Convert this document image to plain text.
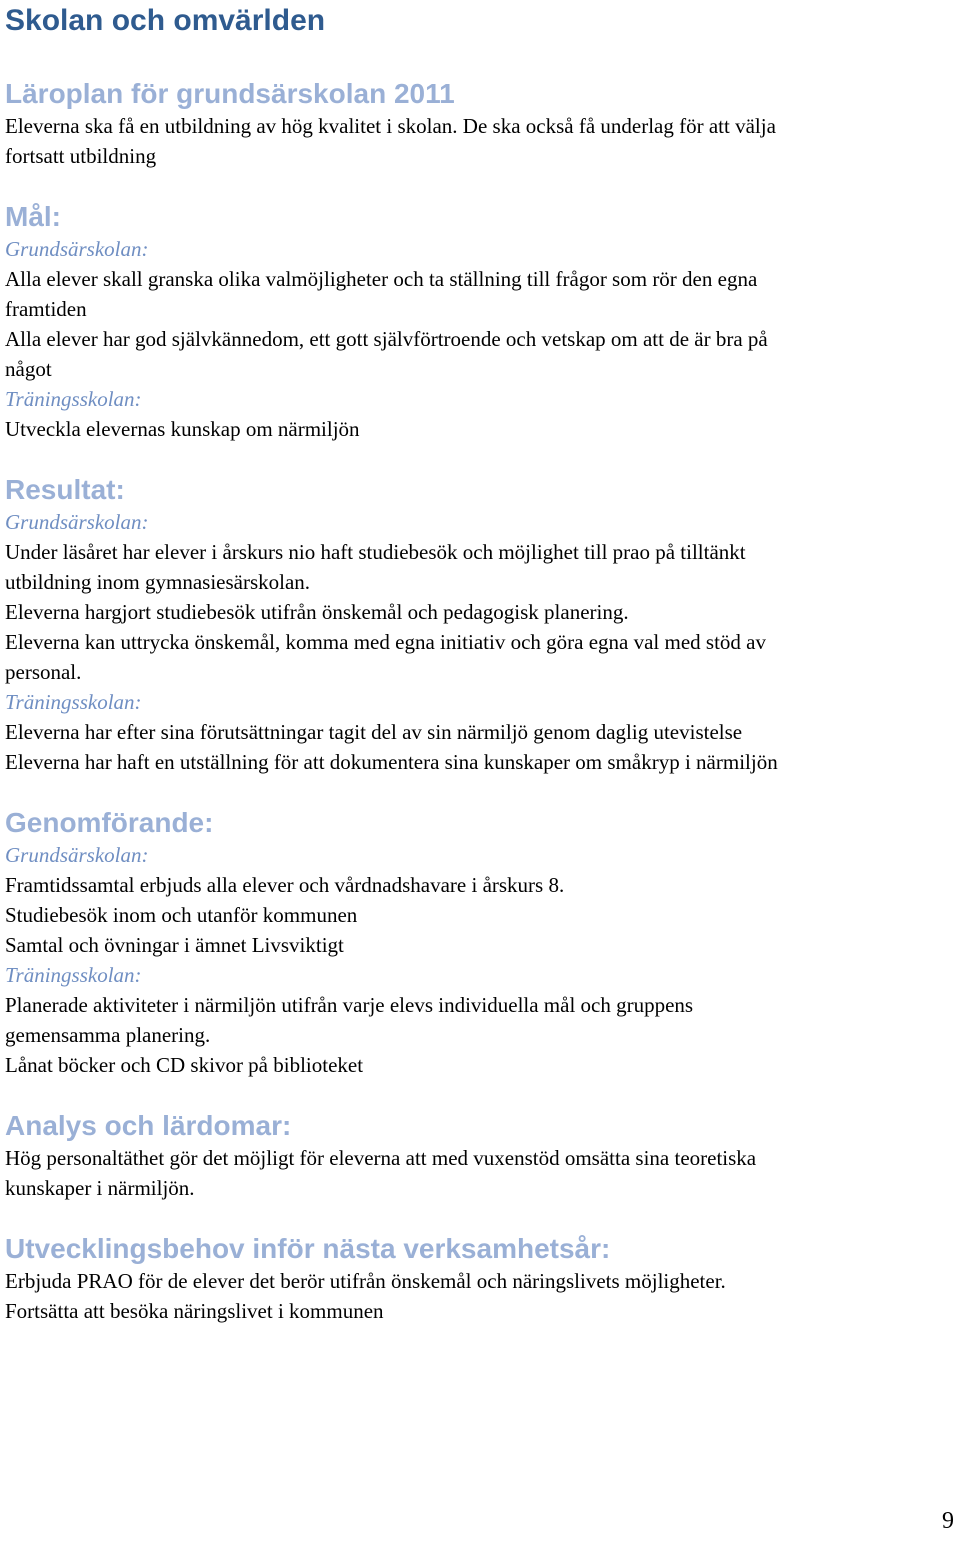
Skolan och omvärlden
Läroplan för grundsärskolan 2011

Eleverna ska få en utbildning av hög kvalitet i skolan. De ska också få underlag för att välja

fortsatt utbildning

Mål:

Grundsärskolan:

Alla elever skall granska olika valmöjligheter och ta ställning till frågor som rör den egna

framtiden

Alla elever har god självkännedom, ett gott självförtroende och vetskap om att de är bra på

något

Träningsskolan:

Utveckla elevernas kunskap om närmiljön

Resultat:

Grundsärskolan:

Under läsåret har elever i årskurs nio haft studiebesök och möjlighet till prao på tilltänkt

utbildning inom gymnasiesärskolan.

Eleverna hargjort studiebesök utifrån önskemål och pedagogisk planering.

Eleverna kan uttrycka önskemål, komma med egna initiativ och göra egna val med stöd av

personal.

Träningsskolan:

Eleverna har efter sina förutsättningar tagit del av sin närmiljö genom daglig utevistelse

Eleverna har haft en utställning för att dokumentera sina kunskaper om småkryp i närmiljön

Genomförande:

Grundsärskolan:

Framtidssamtal erbjuds alla elever och vårdnadshavare i årskurs 8.

Studiebesök inom och utanför kommunen

Samtal och övningar i ämnet Livsviktigt

Träningsskolan:

Planerade aktiviteter i närmiljön utifrån varje elevs individuella mål och gruppens

gemensamma planering.

Lånat böcker och CD skivor på biblioteket

Analys och lärdomar:

Hög personaltäthet gör det möjligt för eleverna att med vuxenstöd omsätta sina teoretiska

kunskaper i närmiljön.

Utvecklingsbehov inför nästa verksamhetsår:

Erbjuda PRAO för de elever det berör utifrån önskemål och näringslivets möjligheter.

Fortsätta att besöka näringslivet i kommunen

9
